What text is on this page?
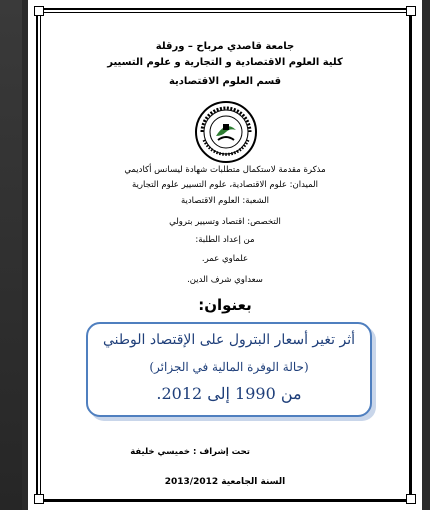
جامعة قاصدي مرباح – ورقلة
كلية العلوم الاقتصادية و التجارية و علوم التسيير
قسم العلوم الاقتصادية
مذكرة مقدمة لاستكمال متطلبات شهادة ليسانس أكاديمي
الميدان: علوم الاقتصادية، علوم التسيير علوم التجارية
الشعبة: العلوم الاقتصادية
التخصص: اقتصاد وتسيير بترولي
من إعداد الطلبة:
علماوي عمر.
سعداوي شرف الدين.
بعنوان:
أثر تغير أسعار البترول على الإقتصاد الوطني
(حالة الوفرة المالية في الجزائر)
من 1990 إلى 2012.
تحت إشراف : خميسي خليفة
السنة الجامعية 2013/2012
